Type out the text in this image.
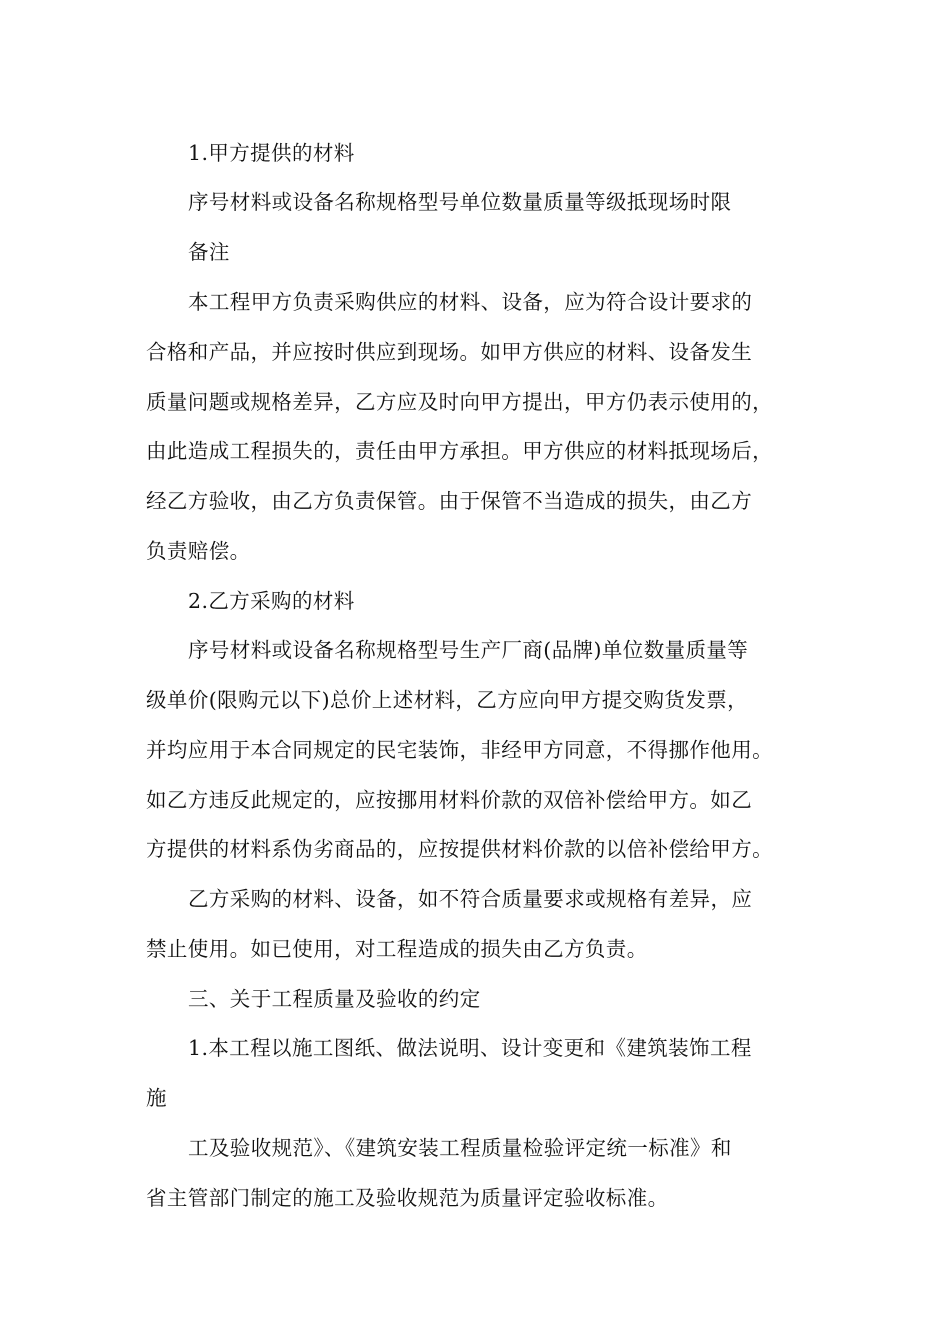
1.甲方提供的材料
序号材料或设备名称规格型号单位数量质量等级抵现场时限
备注
本工程甲方负责采购供应的材料、设备，应为符合设计要求的
合格和产品，并应按时供应到现场。如甲方供应的材料、设备发生
质量问题或规格差异，乙方应及时向甲方提出，甲方仍表示使用的，
由此造成工程损失的，责任由甲方承担。甲方供应的材料抵现场后，
经乙方验收，由乙方负责保管。由于保管不当造成的损失，由乙方
负责赔偿。
2.乙方采购的材料
序号材料或设备名称规格型号生产厂商(品牌)单位数量质量等
级单价(限购元以下)总价上述材料，乙方应向甲方提交购货发票，
并均应用于本合同规定的民宅装饰，非经甲方同意，不得挪作他用。
如乙方违反此规定的，应按挪用材料价款的双倍补偿给甲方。如乙
方提供的材料系伪劣商品的，应按提供材料价款的以倍补偿给甲方。
乙方采购的材料、设备，如不符合质量要求或规格有差异，应
禁止使用。如已使用，对工程造成的损失由乙方负责。
三、关于工程质量及验收的约定
1.本工程以施工图纸、做法说明、设计变更和《建筑装饰工程
施
工及验收规范》、《建筑安装工程质量检验评定统一标准》和
省主管部门制定的施工及验收规范为质量评定验收标准。
